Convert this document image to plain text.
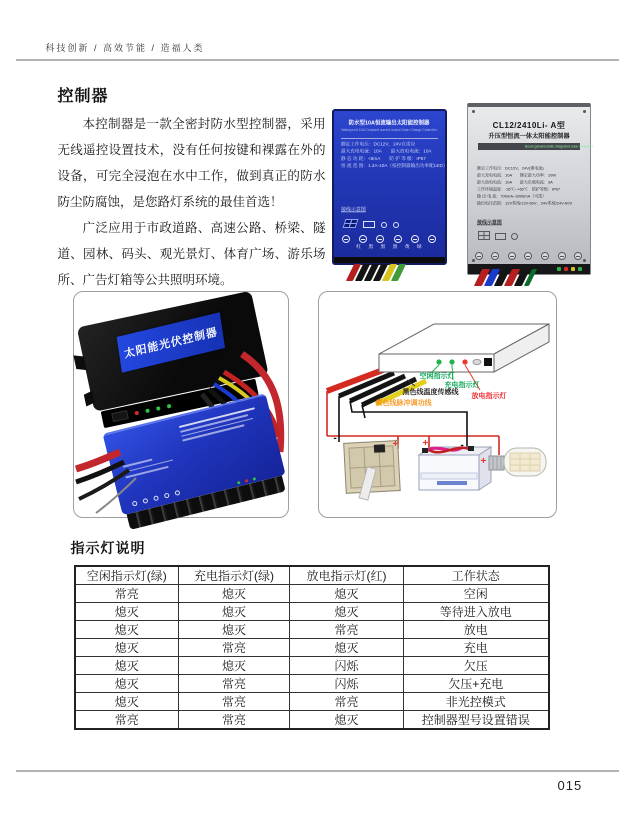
科技创新 / 高效节能 / 造福人类
控制器

本控制器是一款全密封防水型控制器，采用无线遥控设置技术，没有任何按键和裸露在外的设备，可完全浸泡在水中工作，做到真正的防水防尘防腐蚀，是您路灯系统的最佳首选！

广泛应用于市政道路、高速公路、桥梁、隧道、园林、码头、观光景灯、体育广场、游乐场所、广告灯箱等公共照明环境。

防水型10A恒流输出太阳能控制器
Waterproof 10A Constant current output Solar Charge Controller
额定工作电压：DC12V，24V自适应
最大充电电流：10A　　最大放电电流：10A
静 态 功 耗：<8mA　　防 护 等 级：IP67
恒 流 范 围：1.2A-10A（按控制器输出功率配LED）
接线示意图
红 黑 黑 黑 黄 绿
CL12/2410Li- A型
升压型恒流一体太阳能控制器
Boost galvanostatic integrated solar controller
额定工作电压：DC12V，24V(锂电池)
最大充电电流：10A　　额定最大功率：10W
最大放电电流：10A　　最大负载电流：3A
工作环境温度：-35℃~+60℃　防护等级：IP67
输 出 电 流：700mA~3000mA（可选）
输出电压范围：12V系统/12V-60V，24V系统/24V-60V
接线示意图
太阳能光伏控制器
空闲指示灯
充电指示灯
放电指示灯
黑色线温度传感线
黄色线脉冲调功线
-
+ +	-
+
指示灯说明
空闲指示灯(绿)	充电指示灯(绿)	放电指示灯(红)	工作状态
常亮	熄灭	熄灭	空闲
熄灭	熄灭	熄灭	等待进入放电
熄灭	熄灭	常亮	放电
熄灭	常亮	熄灭	充电
熄灭	熄灭	闪烁	欠压
熄灭	常亮	闪烁	欠压+充电
熄灭	常亮	常亮	非光控模式
常亮	常亮	熄灭	控制器型号设置错误
015
